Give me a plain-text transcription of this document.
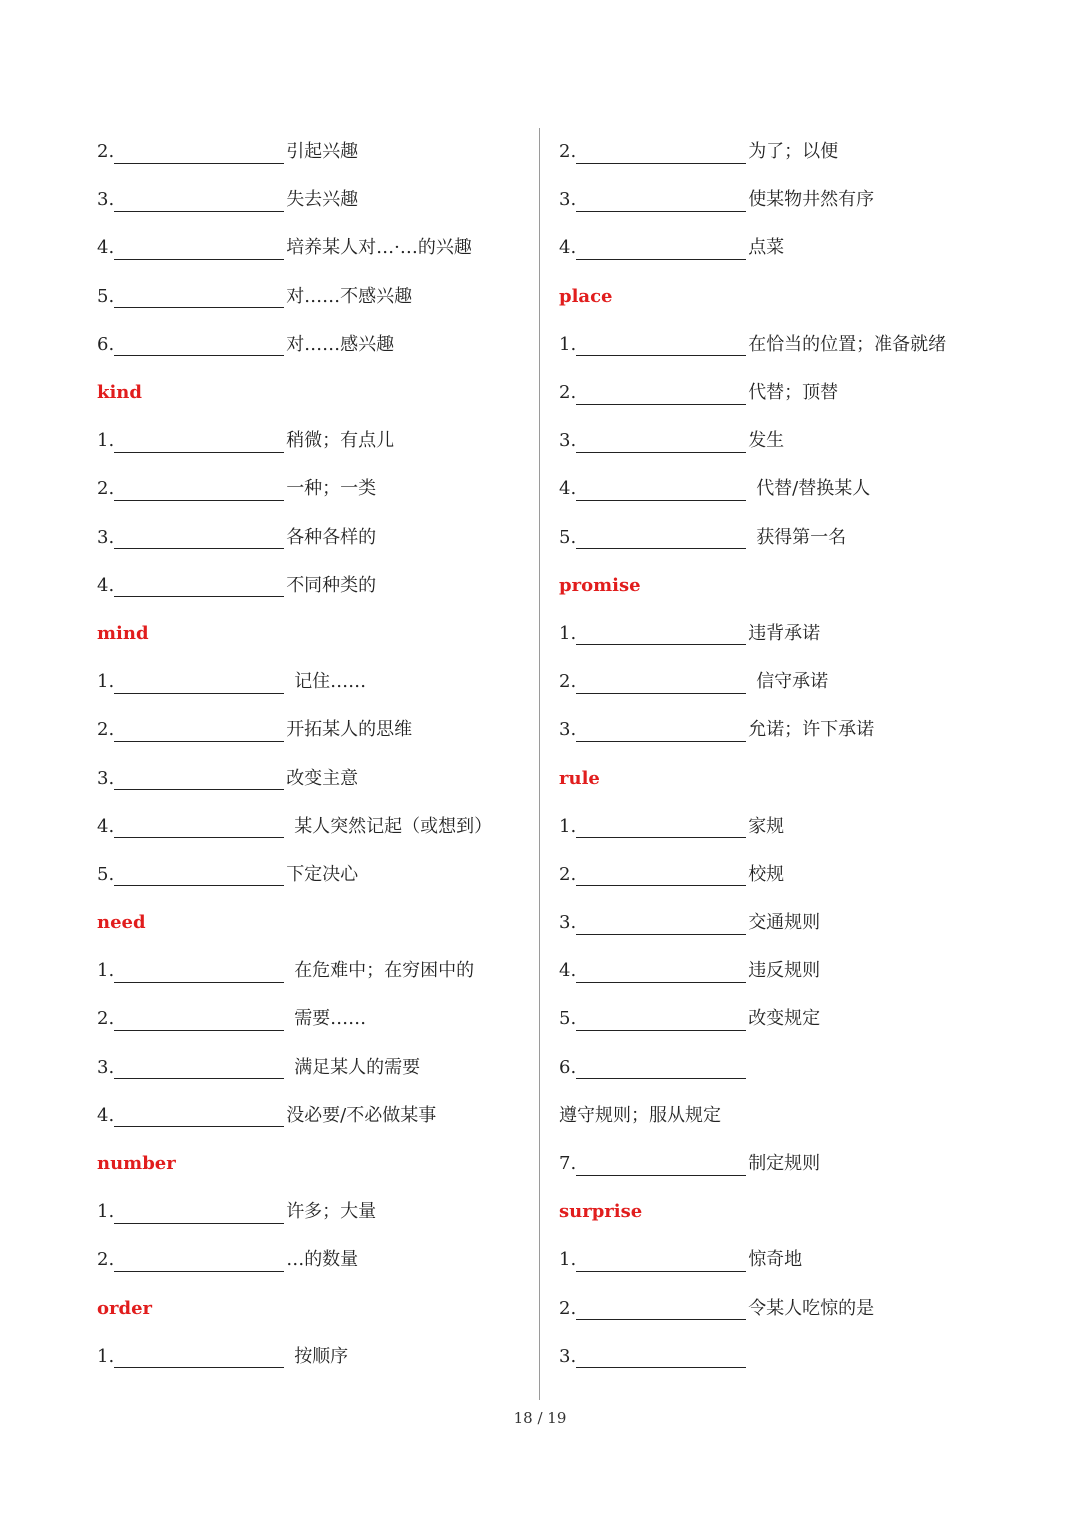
2.	引起兴趣
3.	失去兴趣
4.	培养某人对…·…的兴趣
5.	对……不感兴趣
6.	对……感兴趣
kind
1.	稍微；有点儿
2.	一种；一类
3.	各种各样的
4.	不同种类的
mind
1.	记住……
2.	开拓某人的思维
3.	改变主意
4.	某人突然记起（或想到）
5.	下定决心
need
1.	在危难中；在穷困中的
2.	需要……
3.	满足某人的需要
4.	没必要/不必做某事
number
1.	许多；大量
2.	…的数量
order
1.	按顺序
2.	为了；以便
3.	使某物井然有序
4.	点菜
place
1.	在恰当的位置；准备就绪
2.	代替；顶替
3.	发生
4.	代替/替换某人
5.	获得第一名
promise
1.	违背承诺
2.	信守承诺
3.	允诺；许下承诺
rule
1.	家规
2.	校规
3.	交通规则
4.	违反规则
5.	改变规定
6.
遵守规则；服从规定
7.	制定规则
surprise
1.	惊奇地
2.	令某人吃惊的是
3.
18 / 19
